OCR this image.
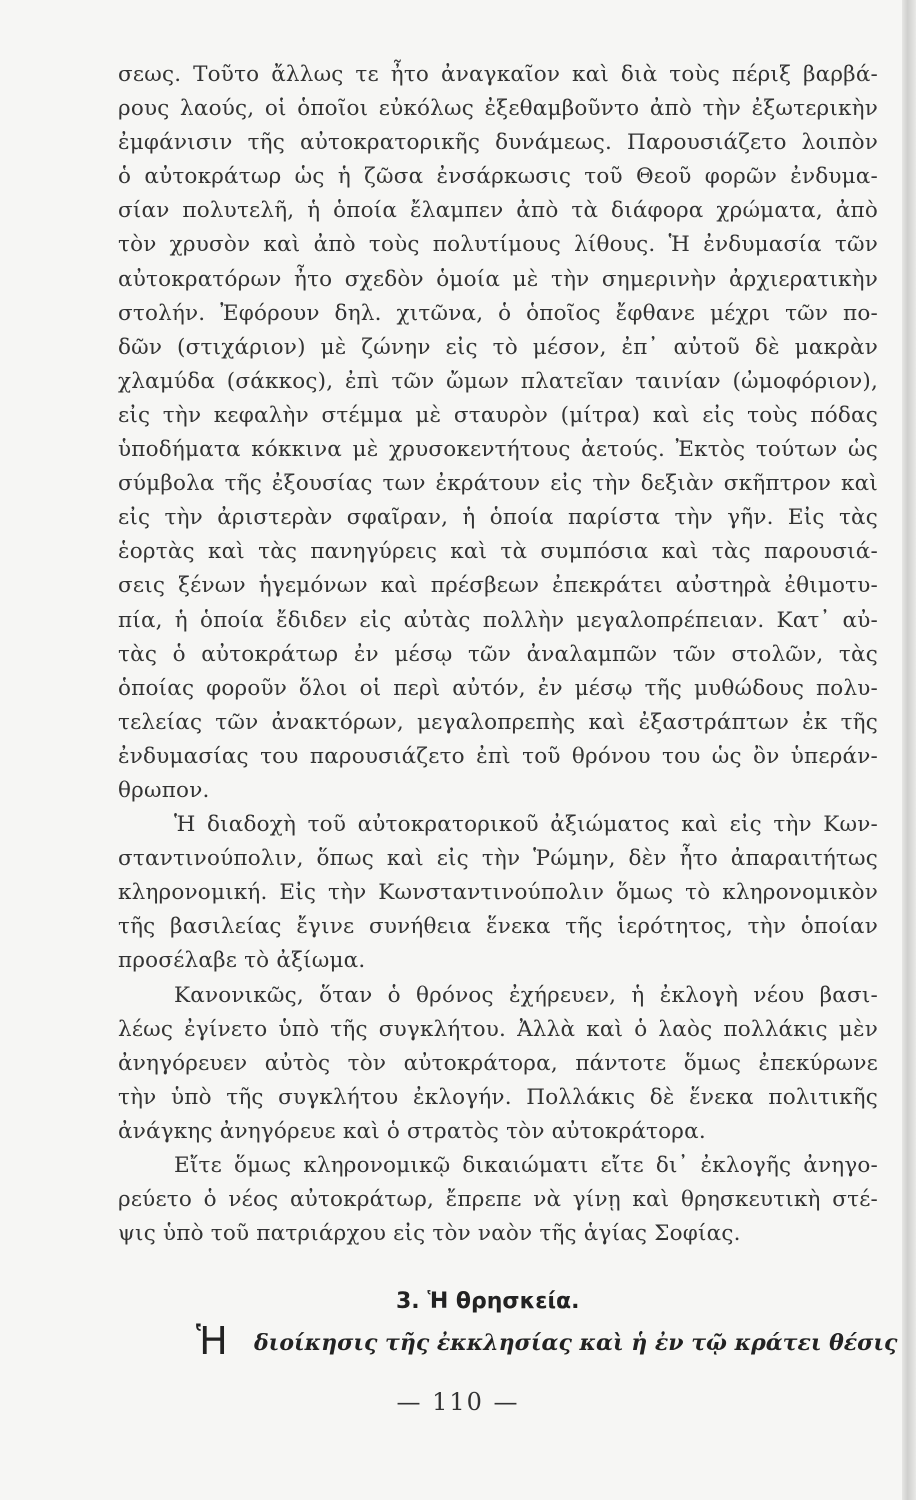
σεως. Τοῦτο ἄλλως τε ἦτο ἀναγκαῖον καὶ διὰ τοὺς πέριξ βαρβά-
ρους λαούς, οἱ ὁποῖοι εὐκόλως ἐξεθαμβοῦντο ἀπὸ τὴν ἐξωτερικὴν
ἐμφάνισιν τῆς αὐτοκρατορικῆς δυνάμεως. Παρουσιάζετο λοιπὸν
ὁ αὐτοκράτωρ ὡς ἡ ζῶσα ἐνσάρκωσις τοῦ Θεοῦ φορῶν ἐνδυμα-
σίαν πολυτελῆ, ἡ ὁποία ἔλαμπεν ἀπὸ τὰ διάφορα χρώματα, ἀπὸ
τὸν χρυσὸν καὶ ἀπὸ τοὺς πολυτίμους λίθους. Ἡ ἐνδυμασία τῶν
αὐτοκρατόρων ἦτο σχεδὸν ὁμοία μὲ τὴν σημερινὴν ἀρχιερατικὴν
στολήν. Ἐφόρουν δηλ. χιτῶνα, ὁ ὁποῖος ἔφθανε μέχρι τῶν πο-
δῶν (στιχάριον) μὲ ζώνην εἰς τὸ μέσον, ἐπ᾿ αὐτοῦ δὲ μακρὰν
χλαμύδα (σάκκος), ἐπὶ τῶν ὤμων πλατεῖαν ταινίαν (ὠμοφόριον),
εἰς τὴν κεφαλὴν στέμμα μὲ σταυρὸν (μίτρα) καὶ εἰς τοὺς πόδας
ὑποδήματα κόκκινα μὲ χρυσοκεντήτους ἀετούς. Ἐκτὸς τούτων ὡς
σύμβολα τῆς ἐξουσίας των ἐκράτουν εἰς τὴν δεξιὰν σκῆπτρον καὶ
εἰς τὴν ἀριστερὰν σφαῖραν, ἡ ὁποία παρίστα τὴν γῆν. Εἰς τὰς
ἑορτὰς καὶ τὰς πανηγύρεις καὶ τὰ συμπόσια καὶ τὰς παρουσιά-
σεις ξένων ἡγεμόνων καὶ πρέσβεων ἐπεκράτει αὐστηρὰ ἐθιμοτυ-
πία, ἡ ὁποία ἔδιδεν εἰς αὐτὰς πολλὴν μεγαλοπρέπειαν. Κατ᾿ αὐ-
τὰς ὁ αὐτοκράτωρ ἐν μέσῳ τῶν ἀναλαμπῶν τῶν στολῶν, τὰς
ὁποίας φοροῦν ὅλοι οἱ περὶ αὐτόν, ἐν μέσῳ τῆς μυθώδους πολυ-
τελείας τῶν ἀνακτόρων, μεγαλοπρεπὴς καὶ ἐξαστράπτων ἐκ τῆς
ἐνδυμασίας του παρουσιάζετο ἐπὶ τοῦ θρόνου του ὡς ὂν ὑπεράν-
θρωπον.
Ἡ διαδοχὴ τοῦ αὐτοκρατορικοῦ ἀξιώματος καὶ εἰς τὴν Κων-
σταντινούπολιν, ὅπως καὶ εἰς τὴν Ῥώμην, δὲν ἦτο ἀπαραιτήτως
κληρονομική. Εἰς τὴν Κωνσταντινούπολιν ὅμως τὸ κληρονομικὸν
τῆς βασιλείας ἔγινε συνήθεια ἕνεκα τῆς ἱερότητος, τὴν ὁποίαν
προσέλαβε τὸ ἀξίωμα.
Κανονικῶς, ὅταν ὁ θρόνος ἐχήρευεν, ἡ ἐκλογὴ νέου βασι-
λέως ἐγίνετο ὑπὸ τῆς συγκλήτου. Ἀλλὰ καὶ ὁ λαὸς πολλάκις μὲν
ἀνηγόρευεν αὐτὸς τὸν αὐτοκράτορα, πάντοτε ὅμως ἐπεκύρωνε
τὴν ὑπὸ τῆς συγκλήτου ἐκλογήν. Πολλάκις δὲ ἕνεκα πολιτικῆς
ἀνάγκης ἀνηγόρευε καὶ ὁ στρατὸς τὸν αὐτοκράτορα.
Εἴτε ὅμως κληρονομικῷ δικαιώματι εἴτε δι᾿ ἐκλογῆς ἀνηγο-
ρεύετο ὁ νέος αὐτοκράτωρ, ἔπρεπε νὰ γίνῃ καὶ θρησκευτικὴ στέ-
ψις ὑπὸ τοῦ πατριάρχου εἰς τὸν ναὸν τῆς ἁγίας Σοφίας.
3. Ἡ θρησκεία.
Ἡ	διοίκησις τῆς ἐκκλησίας καὶ ἡ ἐν τῷ κράτει θέσις
— 110 —
